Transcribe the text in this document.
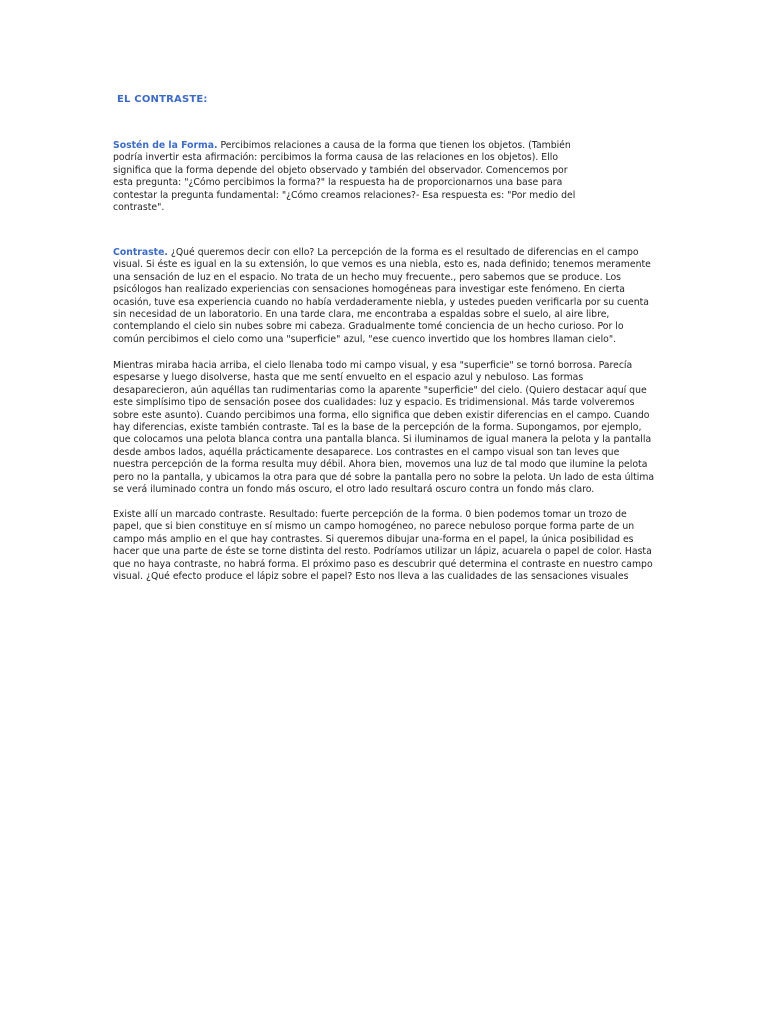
EL CONTRASTE:

Sostén de la Forma. Percibimos relaciones a causa de la forma que tienen los objetos. (También podría invertir esta afirmación: percibimos la forma causa de las relaciones en los objetos). Ello significa que la forma depende del objeto observado y también del observador. Comencemos por esta pregunta: "¿Cómo percibimos la forma?" la respuesta ha de proporcionarnos una base para contestar la pregunta fundamental: "¿Cómo creamos relaciones?- Esa respuesta es: "Por medio del contraste".

Contraste. ¿Qué queremos decir con ello? La percepción de la forma es el resultado de diferencias en el campo visual. Si éste es igual en la su extensión, lo que vemos es una niebla, esto es, nada definido; tenemos meramente una sensación de luz en el espacio. No trata de un hecho muy frecuente., pero sabemos que se produce. Los psicólogos han realizado experiencias con sensaciones homogéneas para investigar este fenómeno. En cierta ocasión, tuve esa experiencia cuando no había verdaderamente niebla, y ustedes pueden verificarla por su cuenta sin necesidad de un laboratorio. En una tarde clara, me encontraba a espaldas sobre el suelo, al aire libre, contemplando el cielo sin nubes sobre mi cabeza. Gradualmente tomé conciencia de un hecho curioso. Por lo común percibimos el cielo como una "superficie" azul, "ese cuenco invertido que los hombres llaman cielo".

Mientras miraba hacia arriba, el cielo llenaba todo mi campo visual, y esa "superficie" se tornó borrosa. Parecía espesarse y luego disolverse, hasta que me sentí envuelto en el espacio azul y nebuloso. Las formas desaparecieron, aún aquéllas tan rudimentarias como la aparente "superficie" del cielo. (Quiero destacar aquí que este simplísimo tipo de sensación posee dos cualidades: luz y espacio. Es tridimensional. Más tarde volveremos sobre este asunto). Cuando percibimos una forma, ello significa que deben existir diferencias en el campo. Cuando hay diferencias, existe también contraste. Tal es la base de la percepción de la forma. Supongamos, por ejemplo, que colocamos una pelota blanca contra una pantalla blanca. Si iluminamos de igual manera la pelota y la pantalla desde ambos lados, aquélla prácticamente desaparece. Los contrastes en el campo visual son tan leves que nuestra percepción de la forma resulta muy débil. Ahora bien, movemos una luz de tal modo que ilumine la pelota pero no la pantalla, y ubicamos la otra para que dé sobre la pantalla pero no sobre la pelota. Un lado de esta última se verá iluminado contra un fondo más oscuro, el otro lado resultará oscuro contra un fondo más claro.

Existe allí un marcado contraste. Resultado: fuerte percepción de la forma. 0 bien podemos tomar un trozo de papel, que si bien constituye en sí mismo un campo homogéneo, no parece nebuloso porque forma parte de un campo más amplio en el que hay contrastes. Si queremos dibujar una-forma en el papel, la única posibilidad es hacer que una parte de éste se torne distinta del resto. Podríamos utilizar un lápiz, acuarela o papel de color. Hasta que no haya contraste, no habrá forma. El próximo paso es descubrir qué determina el contraste en nuestro campo visual. ¿Qué efecto produce el lápiz sobre el papel? Esto nos lleva a las cualidades de las sensaciones visuales
